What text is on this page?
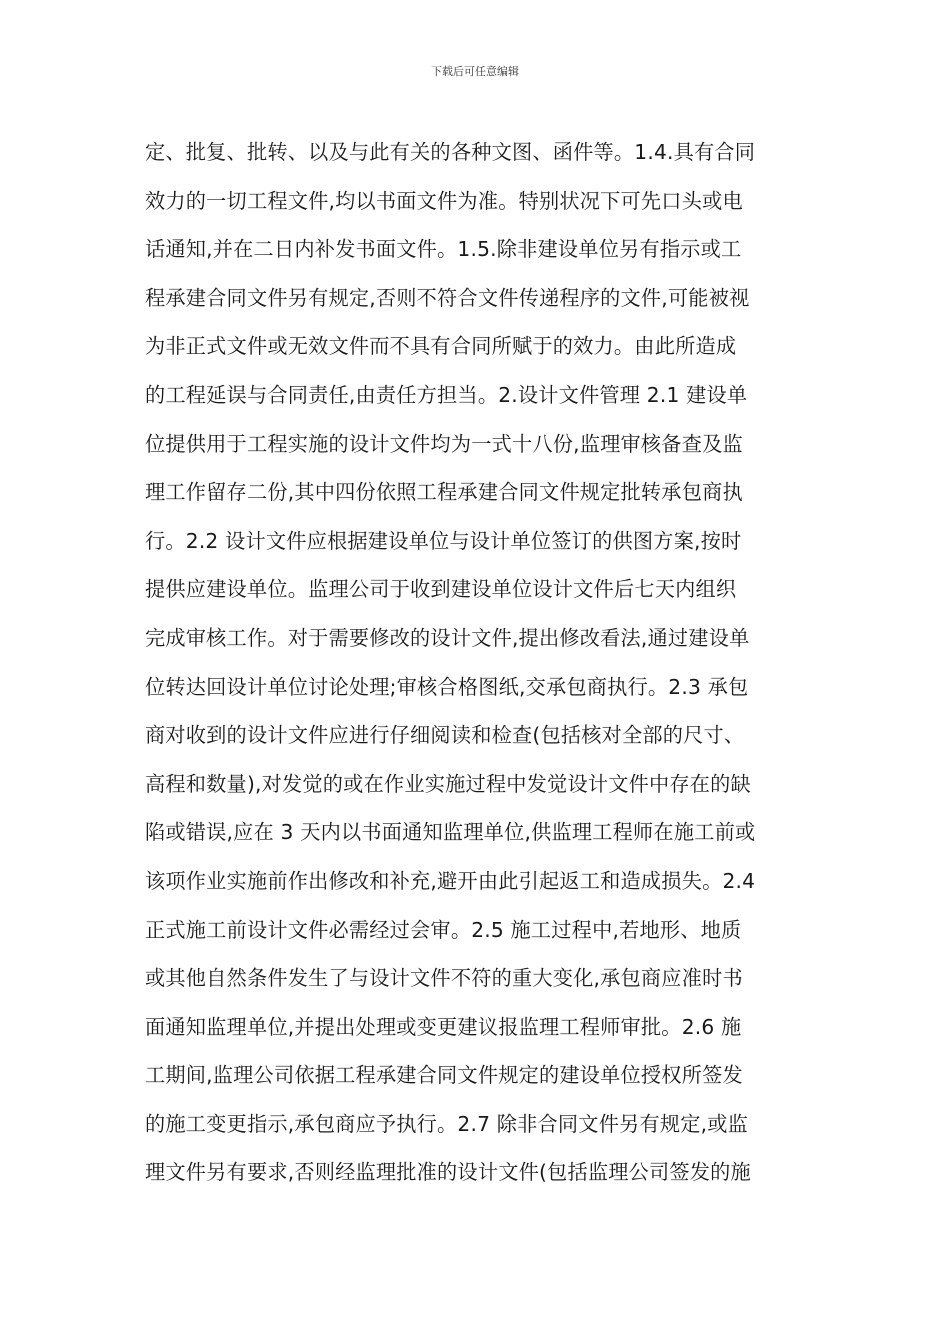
下载后可任意编辑
定、批复、批转、以及与此有关的各种文图、函件等。1.4.具有合同
效力的一切工程文件,均以书面文件为准。特别状况下可先口头或电
话通知,并在二日内补发书面文件。1.5.除非建设单位另有指示或工
程承建合同文件另有规定,否则不符合文件传递程序的文件,可能被视
为非正式文件或无效文件而不具有合同所赋于的效力。由此所造成
的工程延误与合同责任,由责任方担当。2.设计文件管理 2.1 建设单
位提供用于工程实施的设计文件均为一式十八份,监理审核备查及监
理工作留存二份,其中四份依照工程承建合同文件规定批转承包商执
行。2.2 设计文件应根据建设单位与设计单位签订的供图方案,按时
提供应建设单位。监理公司于收到建设单位设计文件后七天内组织
完成审核工作。对于需要修改的设计文件,提出修改看法,通过建设单
位转达回设计单位讨论处理;审核合格图纸,交承包商执行。2.3 承包
商对收到的设计文件应进行仔细阅读和检查(包括核对全部的尺寸、
高程和数量),对发觉的或在作业实施过程中发觉设计文件中存在的缺
陷或错误,应在 3 天内以书面通知监理单位,供监理工程师在施工前或
该项作业实施前作出修改和补充,避开由此引起返工和造成损失。2.4
正式施工前设计文件必需经过会审。2.5 施工过程中,若地形、地质
或其他自然条件发生了与设计文件不符的重大变化,承包商应准时书
面通知监理单位,并提出处理或变更建议报监理工程师审批。2.6 施
工期间,监理公司依据工程承建合同文件规定的建设单位授权所签发
的施工变更指示,承包商应予执行。2.7 除非合同文件另有规定,或监
理文件另有要求,否则经监理批准的设计文件(包括监理公司签发的施
